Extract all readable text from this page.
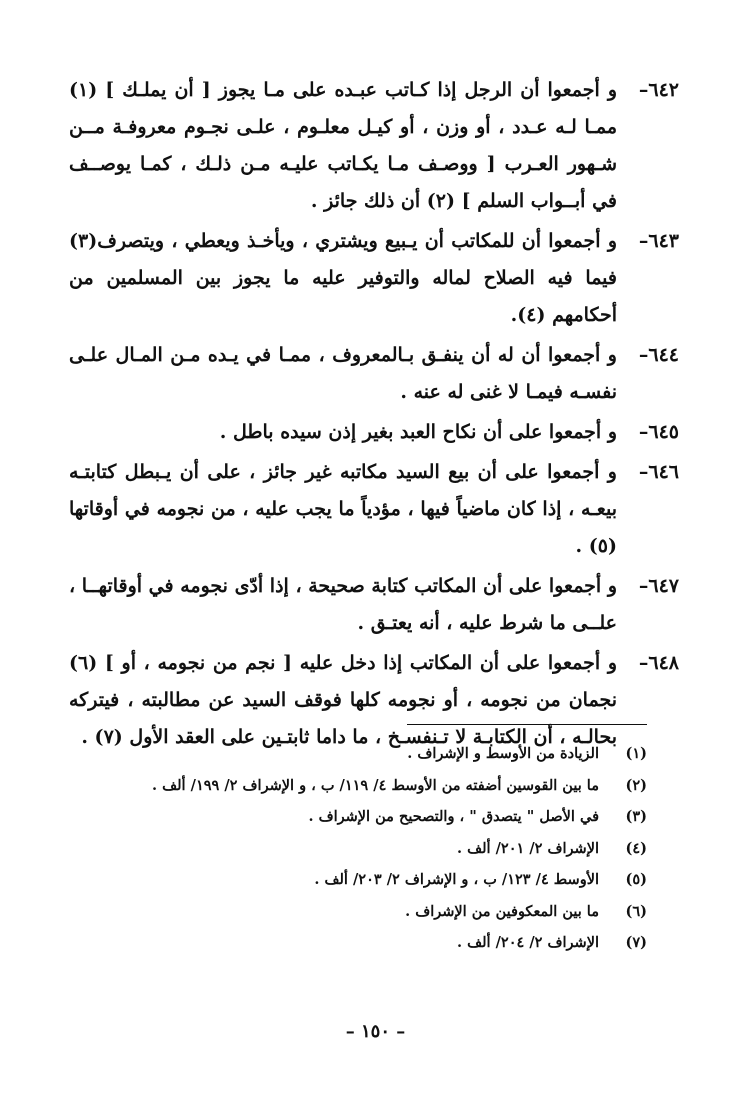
٦٤٢–
و أجمعوا أن الرجل إذا كـاتب عبـده على مـا يجوز [ أن يملـك ] (١) ممـا لـه عـدد ، أو وزن ، أو كيـل معلـوم ، علـى نجـوم معروفـة مــن شـهور العـرب [ ووصـف مـا يكـاتب عليـه مـن ذلـك ، كمـا يوصــف في أبــواب السلم ] (٢) أن ذلك جائز .
٦٤٣–
و أجمعوا أن للمكاتب أن يـبيع ويشتري ، ويأخـذ ويعطي ، ويتصرف(٣) فيما فيه الصلاح لماله والتوفير عليه ما يجوز بين المسلمين من أحكامهم (٤).
٦٤٤–
و أجمعوا أن له أن ينفـق بـالمعروف ، ممـا في يـده مـن المـال علـى نفسـه فيمـا لا غنى له عنه .
٦٤٥–
و أجمعوا على أن نكاح العبد بغير إذن سيده باطل .
٦٤٦–
و أجمعوا على أن بيع السيد مكاتبه غير جائز ، على أن يـبطل كتابتـه بيعـه ، إذا كان ماضياً فيها ، مؤدياً ما يجب عليه ، من نجومه في أوقاتها (٥) .
٦٤٧–
و أجمعوا على أن المكاتب كتابة صحيحة ، إذا أدّى نجومه في أوقاتهــا ، علــى ما شرط عليه ، أنه يعتـق .
٦٤٨–
و أجمعوا على أن المكاتب إذا دخل عليه [ نجم من نجومه ، أو ] (٦) نجمان من نجومه ، أو نجومه كلها فوقف السيد عن مطالبته ، فيتركه بحالـه ، أن الكتابـة لا تـنفسـخ ، ما داما ثابتـين على العقد الأول (٧) .
(١)
الزيادة من الأوسط و الإشراف .
(٢)
ما بين القوسين أضفته من الأوسط ٤/ ١١٩/ ب ، و الإشراف ٢/ ١٩٩/ ألف .
(٣)
في الأصل " يتصدق " ، والتصحيح من الإشراف .
(٤)
الإشراف ٢/ ٢٠١/ ألف .
(٥)
الأوسط ٤/ ١٢٣/ ب ، و الإشراف ٢/ ٢٠٣/ ألف .
(٦)
ما بين المعكوفين من الإشراف .
(٧)
الإشراف ٢/ ٢٠٤/ ألف .
– ١٥٠ –
